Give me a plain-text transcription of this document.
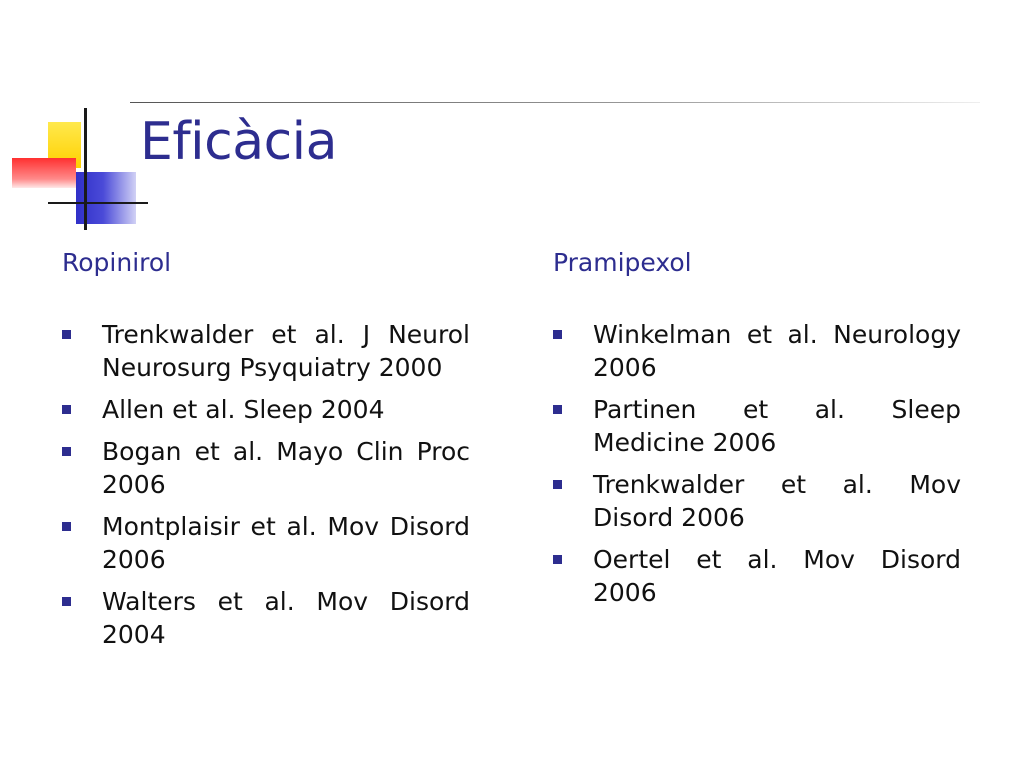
Eficàcia
Ropinirol
Trenkwalder et al. J Neurol Neurosurg Psyquiatry 2000
Allen et al. Sleep 2004
Bogan et al. Mayo Clin Proc 2006
Montplaisir et al. Mov Disord 2006
Walters et al. Mov Disord 2004
Pramipexol
Winkelman et al. Neurology 2006
Partinen et al. Sleep Medicine 2006
Trenkwalder et al. Mov Disord 2006
Oertel et al. Mov Disord 2006
